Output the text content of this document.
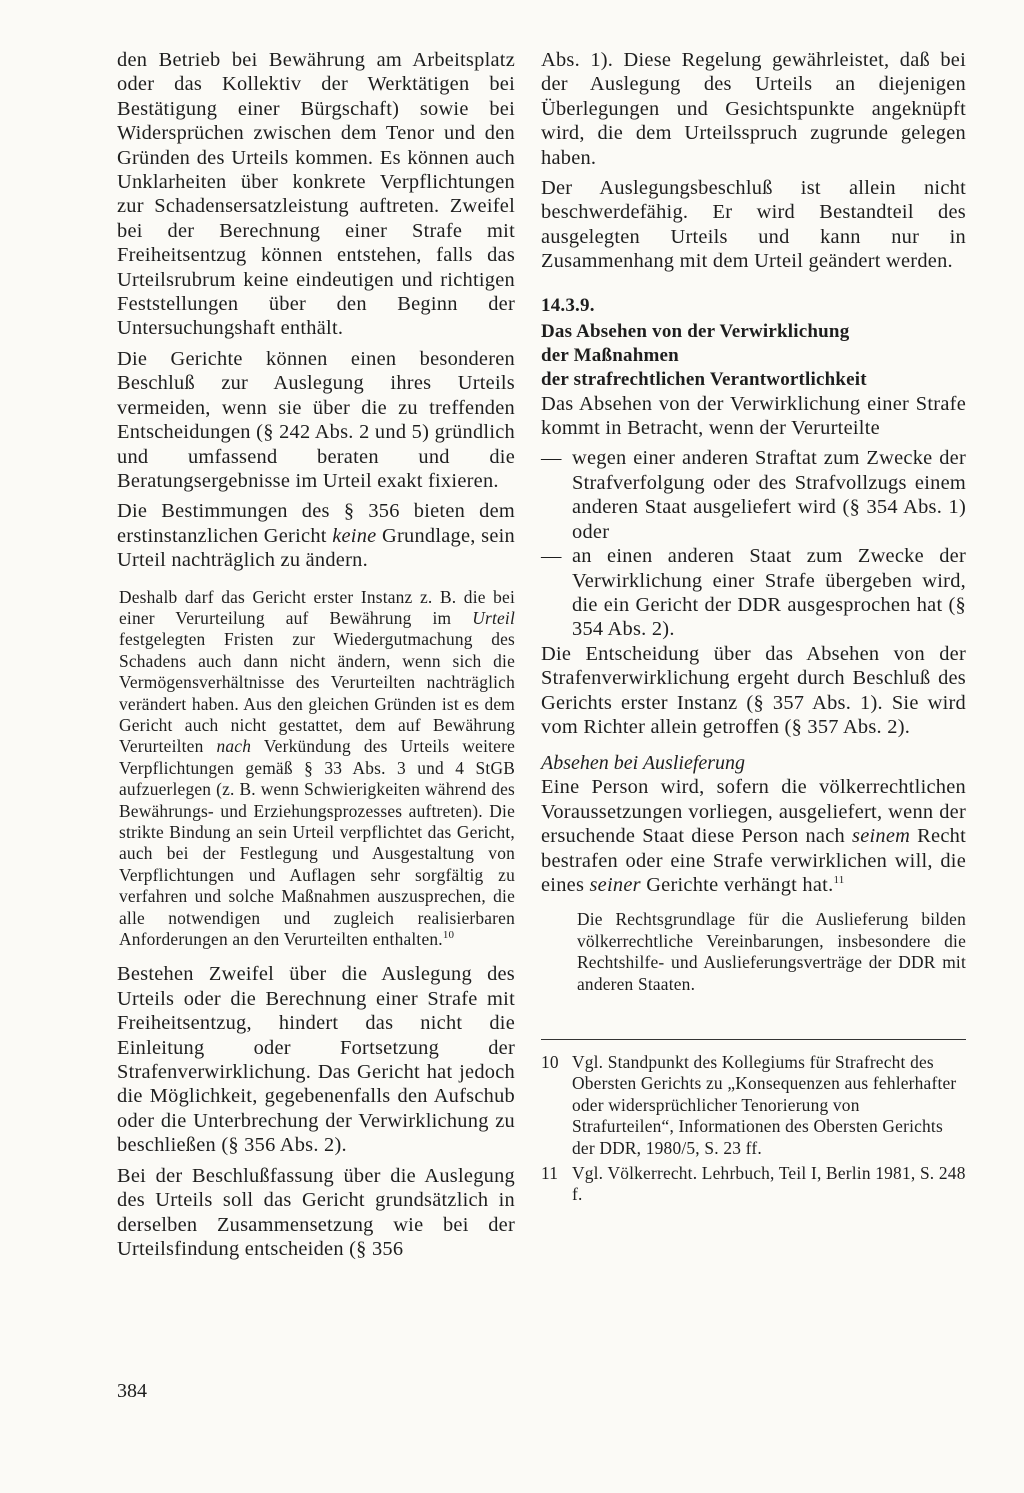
den Betrieb bei Bewährung am Arbeitsplatz oder das Kollektiv der Werktätigen bei Bestätigung einer Bürgschaft) sowie bei Widersprüchen zwischen dem Tenor und den Gründen des Urteils kommen. Es können auch Unklarheiten über konkrete Verpflichtungen zur Schadensersatzleistung auftreten. Zweifel bei der Berechnung einer Strafe mit Freiheitsentzug können entstehen, falls das Urteilsrubrum keine eindeutigen und richtigen Feststellungen über den Beginn der Untersuchungshaft enthält.

Die Gerichte können einen besonderen Beschluß zur Auslegung ihres Urteils vermeiden, wenn sie über die zu treffenden Entscheidungen (§ 242 Abs. 2 und 5) gründlich und umfassend beraten und die Beratungsergebnisse im Urteil exakt fixieren.

Die Bestimmungen des § 356 bieten dem erstinstanzlichen Gericht keine Grundlage, sein Urteil nachträglich zu ändern.

Deshalb darf das Gericht erster Instanz z. B. die bei einer Verurteilung auf Bewährung im Urteil festgelegten Fristen zur Wiedergutmachung des Schadens auch dann nicht ändern, wenn sich die Vermögensverhältnisse des Verurteilten nachträglich verändert haben. Aus den gleichen Gründen ist es dem Gericht auch nicht gestattet, dem auf Bewährung Verurteilten nach Verkündung des Urteils weitere Verpflichtungen gemäß § 33 Abs. 3 und 4 StGB aufzuerlegen (z. B. wenn Schwierigkeiten während des Bewährungs- und Erziehungsprozesses auftreten). Die strikte Bindung an sein Urteil verpflichtet das Gericht, auch bei der Festlegung und Ausgestaltung von Verpflichtungen und Auflagen sehr sorgfältig zu verfahren und solche Maßnahmen auszusprechen, die alle notwendigen und zugleich realisierbaren Anforderungen an den Verurteilten enthalten.$^{10}$

Bestehen Zweifel über die Auslegung des Urteils oder die Berechnung einer Strafe mit Freiheitsentzug, hindert das nicht die Einleitung oder Fortsetzung der Strafenverwirklichung. Das Gericht hat jedoch die Möglichkeit, gegebenenfalls den Aufschub oder die Unterbrechung der Verwirklichung zu beschließen (§ 356 Abs. 2).

Bei der Beschlußfassung über die Auslegung des Urteils soll das Gericht grundsätzlich in derselben Zusammensetzung wie bei der Urteilsfindung entscheiden (§ 356

Abs. 1). Diese Regelung gewährleistet, daß bei der Auslegung des Urteils an diejenigen Überlegungen und Gesichtspunkte angeknüpft wird, die dem Urteilsspruch zugrunde gelegen haben.

Der Auslegungsbeschluß ist allein nicht beschwerdefähig. Er wird Bestandteil des ausgelegten Urteils und kann nur in Zusammenhang mit dem Urteil geändert werden.

14.3.9.
Das Absehen von der Verwirklichung
der Maßnahmen
der strafrechtlichen Verantwortlichkeit

Das Absehen von der Verwirklichung einer Strafe kommt in Betracht, wenn der Verurteilte

— wegen einer anderen Straftat zum Zwecke der Strafverfolgung oder des Strafvollzugs einem anderen Staat ausgeliefert wird (§ 354 Abs. 1) oder
— an einen anderen Staat zum Zwecke der Verwirklichung einer Strafe übergeben wird, die ein Gericht der DDR ausgesprochen hat (§ 354 Abs. 2).

Die Entscheidung über das Absehen von der Strafenverwirklichung ergeht durch Beschluß des Gerichts erster Instanz (§ 357 Abs. 1). Sie wird vom Richter allein getroffen (§ 357 Abs. 2).

Absehen bei Auslieferung

Eine Person wird, sofern die völkerrechtlichen Voraussetzungen vorliegen, ausgeliefert, wenn der ersuchende Staat diese Person nach seinem Recht bestrafen oder eine Strafe verwirklichen will, die eines seiner Gerichte verhängt hat.$^{11}$

Die Rechtsgrundlage für die Auslieferung bilden völkerrechtliche Vereinbarungen, insbesondere die Rechtshilfe- und Auslieferungsverträge der DDR mit anderen Staaten.

10 Vgl. Standpunkt des Kollegiums für Strafrecht des Obersten Gerichts zu „Konsequenzen aus fehlerhafter oder widersprüchlicher Tenorierung von Strafurteilen“, Informationen des Obersten Gerichts der DDR, 1980/5, S. 23 ff.
11 Vgl. Völkerrecht. Lehrbuch, Teil I, Berlin 1981, S. 248 f.
384
